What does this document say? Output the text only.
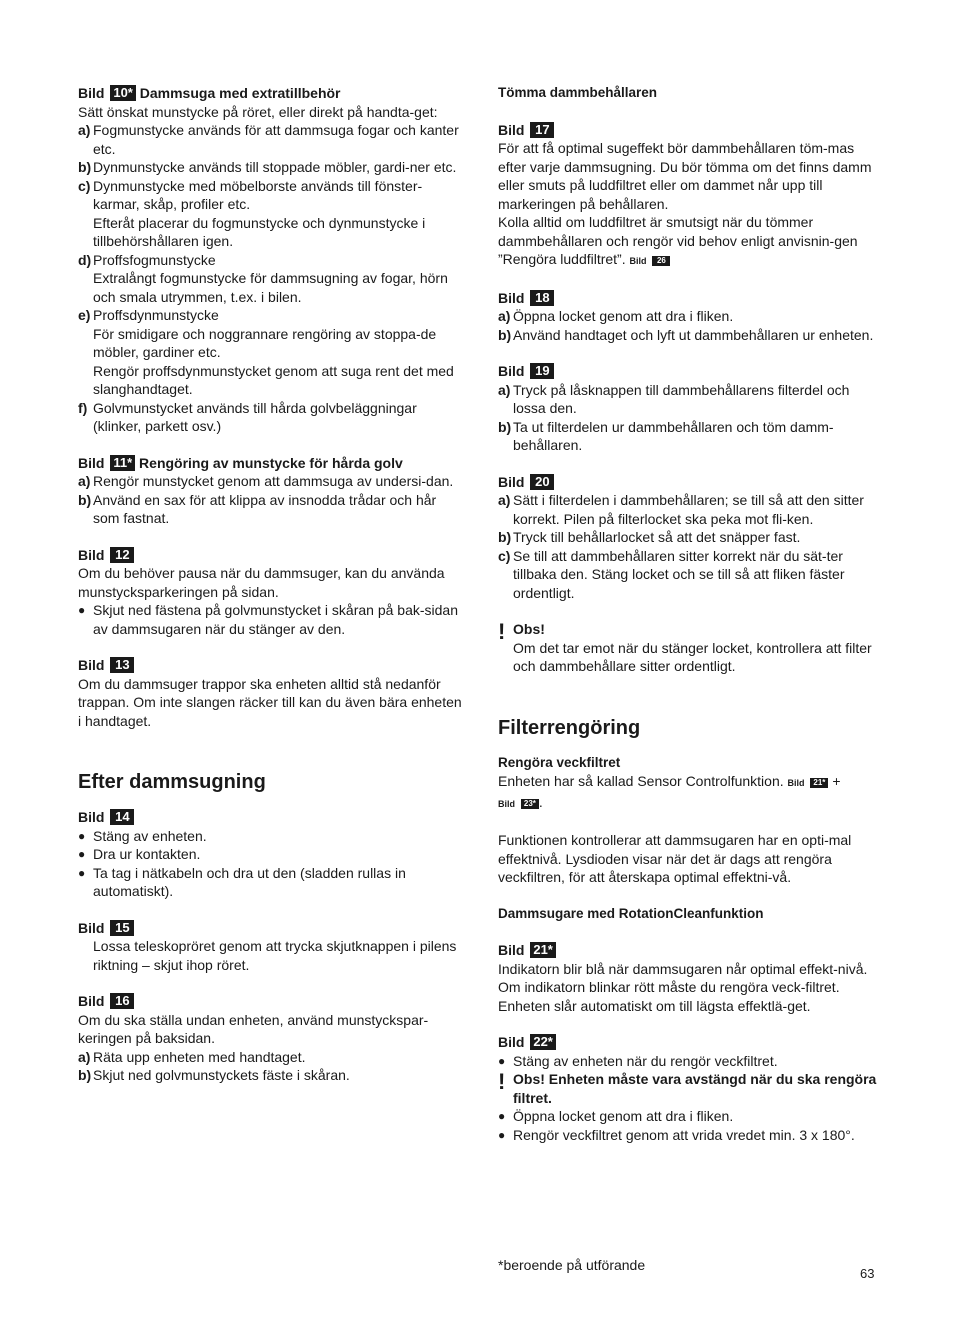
Bild 10* Dammsuga med extratillbehör

Sätt önskat munstycke på röret, eller direkt på handta-get:

a) Fogmunstycke används för att dammsuga fogar och kanter etc.
b) Dynmunstycke används till stoppade möbler, gardi-ner etc.
c) Dynmunstycke med möbelborste används till fönster-karmar, skåp, profiler etc.

Efteråt placerar du fogmunstycke och dynmunstycke i tillbehörshållaren igen.

d) Proffsfogmunstycke

Extralångt fogmunstycke för dammsugning av fogar, hörn och smala utrymmen, t.ex. i bilen.

e) Proffsdynmunstycke

För smidigare och noggrannare rengöring av stoppa-de möbler, gardiner etc.

Rengör proffsdynmunstycket genom att suga rent det med slanghandtaget.

f) Golvmunstycket används till hårda golvbeläggningar (klinker, parkett osv.)
Bild 11* Rengöring av munstycke för hårda golv
a) Rengör munstycket genom att dammsuga av undersi-dan.
b) Använd en sax för att klippa av insnodda trådar och hår som fastnat.
Bild 12

Om du behöver pausa när du dammsuger, kan du använda munstycksparkeringen på sidan.

● Skjut ned fästena på golvmunstycket i skåran på bak-sidan av dammsugaren när du stänger av den.
Bild 13

Om du dammsuger trappor ska enheten alltid stå nedanför trappan. Om inte slangen räcker till kan du även bära enheten i handtaget.

Efter dammsugning
Bild 14
● Stäng av enheten.
● Dra ur kontakten.
● Ta tag i nätkabeln och dra ut den (sladden rullas in automatiskt).
Bild 15

Lossa teleskopröret genom att trycka skjutknappen i pilens riktning – skjut ihop röret.

Bild 16

Om du ska ställa undan enheten, använd munstyckspar-keringen på baksidan.

a) Räta upp enheten med handtaget.
b) Skjut ned golvmunstyckets fäste i skåran.
Tömma dammbehållaren
Bild 17

För att få optimal sugeffekt bör dammbehållaren töm-mas efter varje dammsugning. Du bör tömma om det finns damm eller smuts på luddfiltret eller om dammet når upp till markeringen på behållaren.

Kolla alltid om luddfiltret är smutsigt när du tömmer dammbehållaren och rengör vid behov enligt anvisnin-gen ”Rengöra luddfiltret”. Bild 26

Bild 18
a) Öppna locket genom att dra i fliken.
b) Använd handtaget och lyft ut dammbehållaren ur enheten.
Bild 19
a) Tryck på låsknappen till dammbehållarens filterdel och lossa den.
b) Ta ut filterdelen ur dammbehållaren och töm damm-behållaren.
Bild 20
a) Sätt i filterdelen i dammbehållaren; se till så att den sitter korrekt. Pilen på filterlocket ska peka mot fli-ken.
b) Tryck till behållarlocket så att det snäpper fast.
c) Se till att dammbehållaren sitter korrekt när du sät-ter tillbaka den. Stäng locket och se till så att fliken fäster ordentligt.
! Obs!
Om det tar emot när du stänger locket, kontrollera att filter och dammbehållare sitter ordentligt.
Filterrengöring
Rengöra veckfiltret

Enheten har så kallad Sensor Controlfunktion. Bild 21* +
Bild 23* .

Funktionen kontrollerar att dammsugaren har en opti-mal effektnivå. Lysdioden visar när det är dags att rengöra veckfiltren, för att återskapa optimal effektni-vå.

Dammsugare med RotationCleanfunktion
Bild 21*

Indikatorn blir blå när dammsugaren når optimal effekt-nivå. Om indikatorn blinkar rött måste du rengöra veck-filtret. Enheten slår automatiskt om till lägsta effektlä-get.

Bild 22*
● Stäng av enheten när du rengör veckfiltret.
! Obs! Enheten måste vara avstängd när du ska rengöra filtret.
● Öppna locket genom att dra i fliken.
● Rengör veckfiltret genom att vrida vredet min. 3 x 180°.
*beroende på utförande
63
